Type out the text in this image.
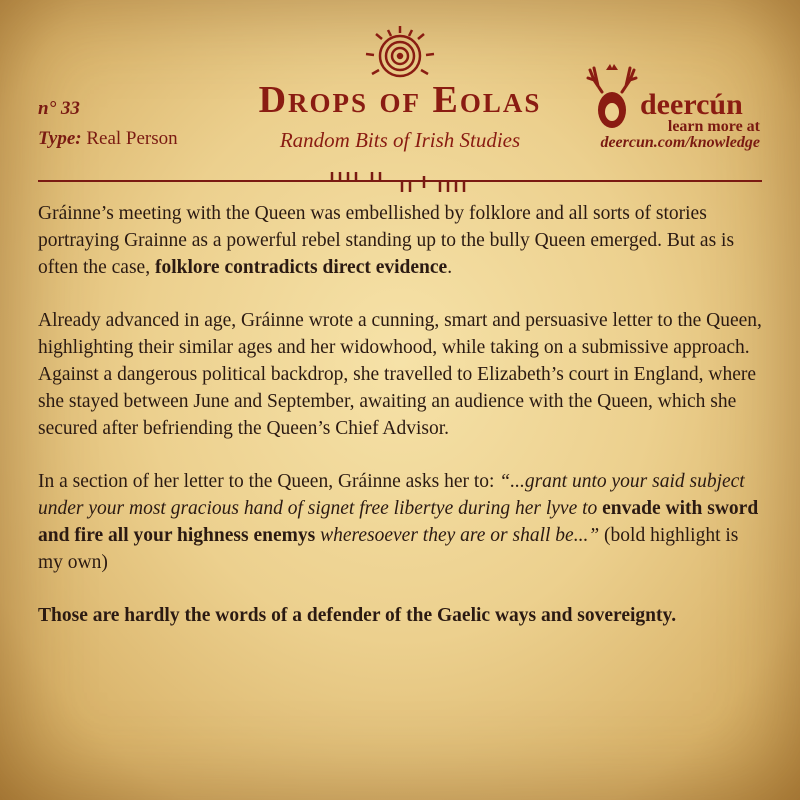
n° 33
Type: Real Person
Drops of Eolas
Random Bits of Irish Studies
deercún
learn more at
deercun.com/knowledge

Gráinne’s meeting with the Queen was embellished by folklore and all sorts of stories portraying Grainne as a powerful rebel standing up to the bully Queen emerged. But as is often the case, folklore contradicts direct evidence.

Already advanced in age, Gráinne wrote a cunning, smart and persuasive letter to the Queen, highlighting their similar ages and her widowhood, while taking on a submissive approach. Against a dangerous political backdrop, she travelled to Elizabeth’s court in England, where she stayed between June and September, awaiting an audience with the Queen, which she secured after befriending the Queen’s Chief Advisor.

In a section of her letter to the Queen, Gráinne asks her to: “...grant unto your said subject under your most gracious hand of signet free libertye during her lyve to envade with sword and fire all your highness enemys wheresoever they are or shall be...” (bold highlight is my own)

Those are hardly the words of a defender of the Gaelic ways and sovereignty.
